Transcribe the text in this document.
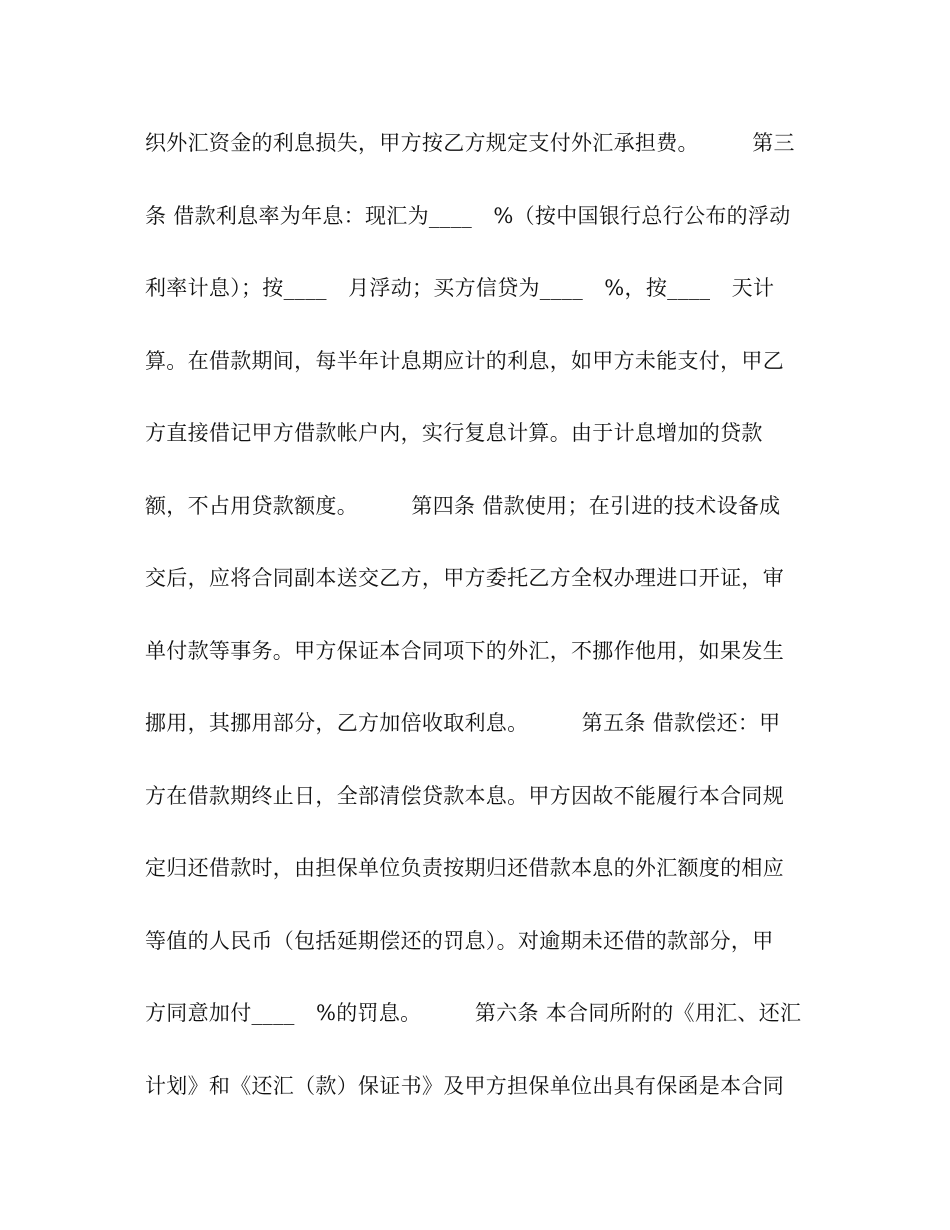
织外汇资金的利息损失，甲方按乙方规定支付外汇承担费。　　　第三
条 借款利息率为年息：现汇为____　%（按中国银行总行公布的浮动
利率计息）；按____　月浮动；买方信贷为____　%，按____　天计
算。在借款期间，每半年计息期应计的利息，如甲方未能支付，甲乙
方直接借记甲方借款帐户内，实行复息计算。由于计息增加的贷款
额，不占用贷款额度。　　　第四条 借款使用；在引进的技术设备成
交后，应将合同副本送交乙方，甲方委托乙方全权办理进口开证，审
单付款等事务。甲方保证本合同项下的外汇，不挪作他用，如果发生
挪用，其挪用部分，乙方加倍收取利息。　　　第五条 借款偿还：甲
方在借款期终止日，全部清偿贷款本息。甲方因故不能履行本合同规
定归还借款时，由担保单位负责按期归还借款本息的外汇额度的相应
等值的人民币（包括延期偿还的罚息）。对逾期未还借的款部分，甲
方同意加付____　%的罚息。　　　第六条 本合同所附的《用汇、还汇
计划》和《还汇（款）保证书》及甲方担保单位出具有保函是本合同
